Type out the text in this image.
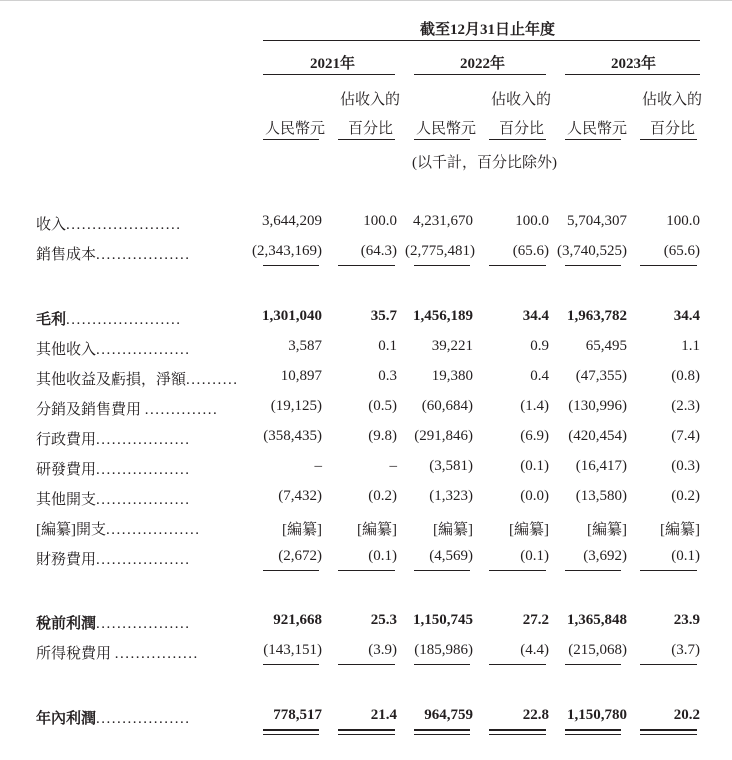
截至12月31日止年度
2021年	2022年	2023年
佔收入的	佔收入的	佔收入的
人民幣元 百分比 人民幣元 百分比 人民幣元 百分比
(以千計，百分比除外)
收入......................	3,644,209	100.0	4,231,670	100.0	5,704,307	100.0
銷售成本..................	(2,343,169)	(64.3) (2,775,481)	(65.6) (3,740,525)	(65.6)
毛利......................	1,301,040	35.7	1,456,189	34.4	1,963,782	34.4
其他收入..................	3,587	0.1	39,221	0.9	65,495	1.1
其他收益及虧損，淨額..........	10,897	0.3	19,380	0.4	(47,355)	(0.8)
分銷及銷售費用 ..............	(19,125)	(0.5)	(60,684)	(1.4)	(130,996)	(2.3)
行政費用..................	(358,435)	(9.8)	(291,846)	(6.9)	(420,454)	(7.4)
研發費用..................	–	–	(3,581)	(0.1)	(16,417)	(0.3)
其他開支..................	(7,432)	(0.2)	(1,323)	(0.0)	(13,580)	(0.2)
[編纂]開支..................	[編纂]	[編纂]	[編纂]	[編纂]	[編纂]	[編纂]
財務費用..................	(2,672)	(0.1)	(4,569)	(0.1)	(3,692)	(0.1)
稅前利潤..................	921,668	25.3	1,150,745	27.2	1,365,848	23.9
所得稅費用 ................	(143,151)	(3.9)	(185,986)	(4.4)	(215,068)	(3.7)
年內利潤..................	778,517	21.4	964,759	22.8	1,150,780	20.2
